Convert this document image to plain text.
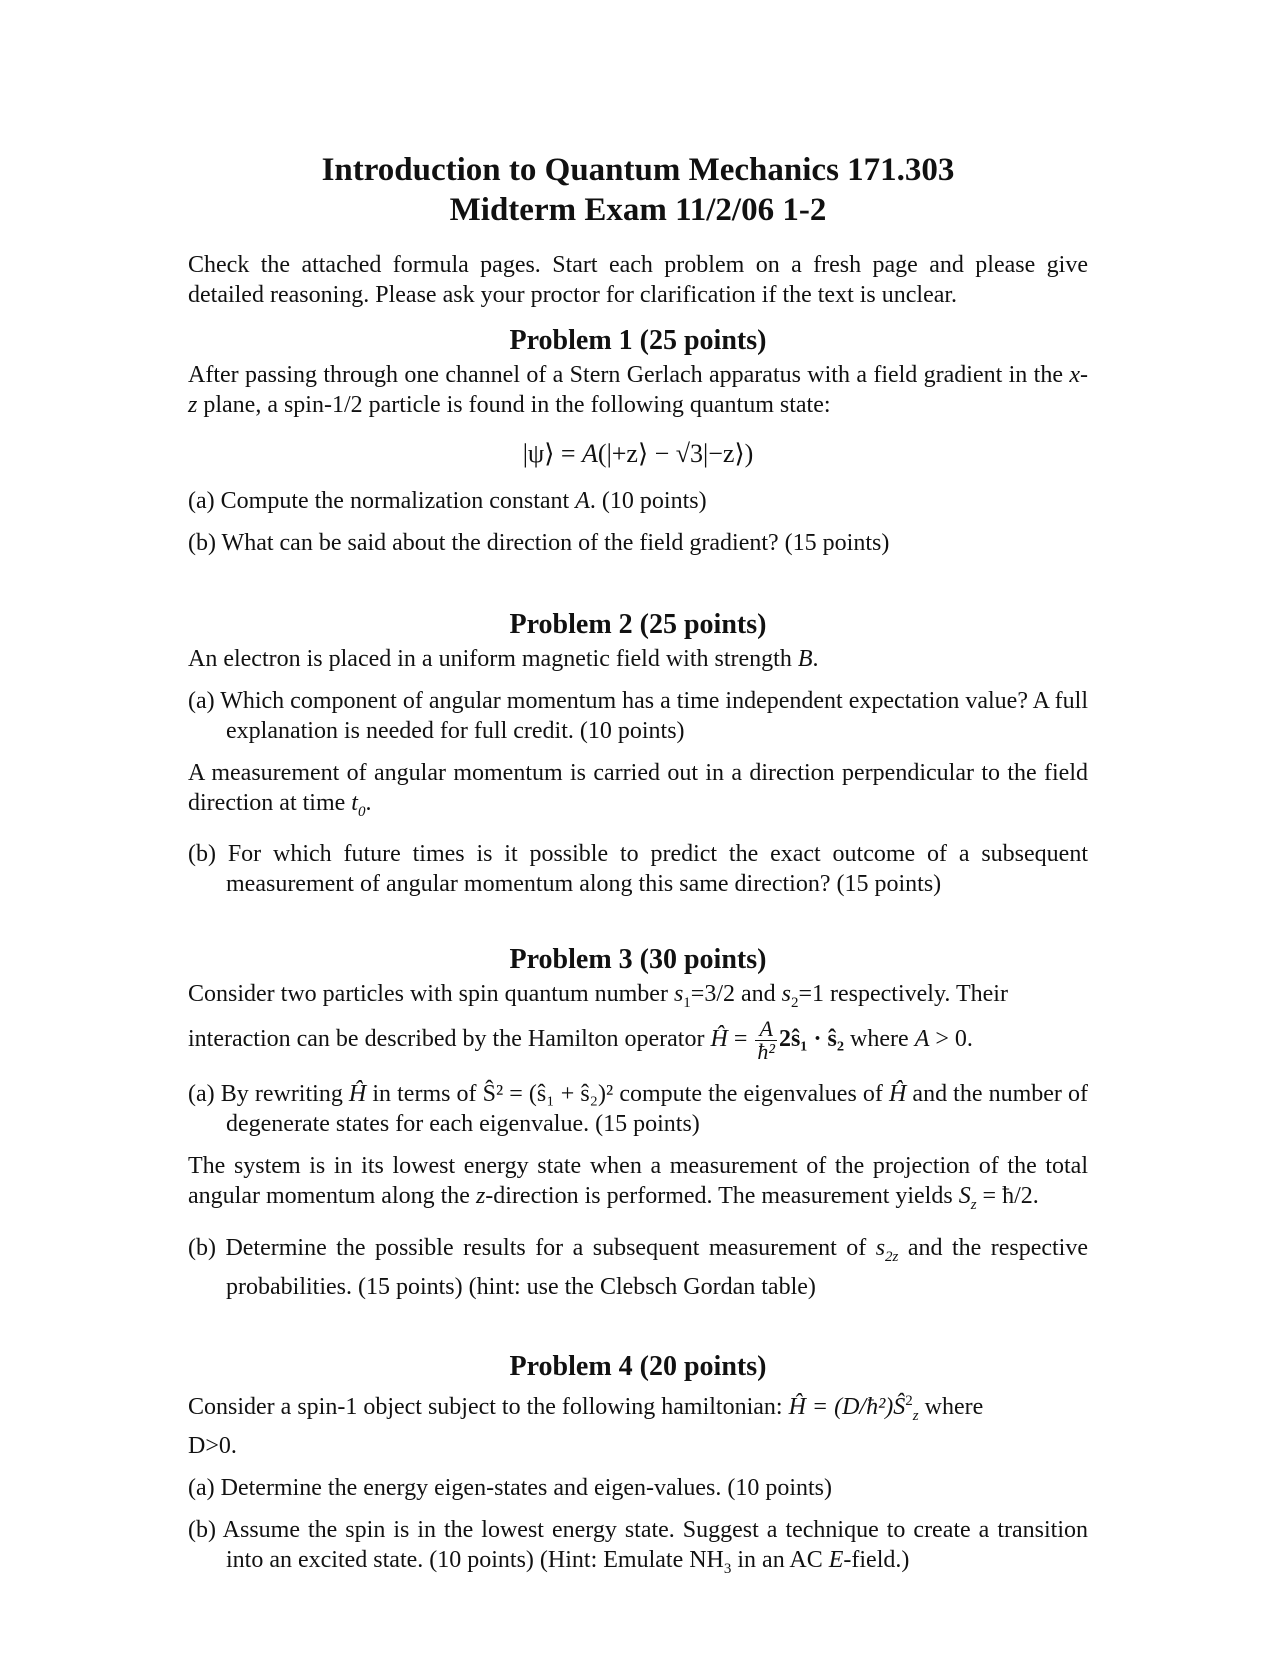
Introduction to Quantum Mechanics 171.303
Midterm Exam 11/2/06 1-2

Check the attached formula pages. Start each problem on a fresh page and please give detailed reasoning. Please ask your proctor for clarification if the text is unclear.

Problem 1 (25 points)

After passing through one channel of a Stern Gerlach apparatus with a field gradient in the x-z plane, a spin-1/2 particle is found in the following quantum state:

|ψ⟩ = A(|+z⟩ − √3|−z⟩)

(a) Compute the normalization constant A. (10 points)

(b) What can be said about the direction of the field gradient? (15 points)

Problem 2 (25 points)

An electron is placed in a uniform magnetic field with strength B.

(a) Which component of angular momentum has a time independent expectation value? A full explanation is needed for full credit. (10 points)

A measurement of angular momentum is carried out in a direction perpendicular to the field direction at time $t_0$.

(b) For which future times is it possible to predict the exact outcome of a subsequent measurement of angular momentum along this same direction? (15 points)

Problem 3 (30 points)

Consider two particles with spin quantum number $s_1=3/2$ and $s_2=1$ respectively. Their

interaction can be described by the Hamilton operator Ĥ = $\frac{A}{\text{ħ²}}$ 2ŝ₁ · ŝ₂ where A > 0.

(a) By rewriting Ĥ in terms of Ŝ² = (ŝ₁ + ŝ₂)² compute the eigenvalues of Ĥ and the number of degenerate states for each eigenvalue. (15 points)

The system is in its lowest energy state when a measurement of the projection of the total angular momentum along the z-direction is performed. The measurement yields $S_z$ = ħ/2.

(b) Determine the possible results for a subsequent measurement of $s_{2z}$ and the respective probabilities. (15 points) (hint: use the Clebsch Gordan table)

Problem 4 (20 points)

Consider a spin-1 object subject to the following hamiltonian: Ĥ = $(D/ħ^2)Ŝ^2_z$ where
D>0.

(a) Determine the energy eigen-states and eigen-values. (10 points)

(b) Assume the spin is in the lowest energy state. Suggest a technique to create a transition into an excited state. (10 points) (Hint: Emulate $NH_3$ in an AC E-field.)
